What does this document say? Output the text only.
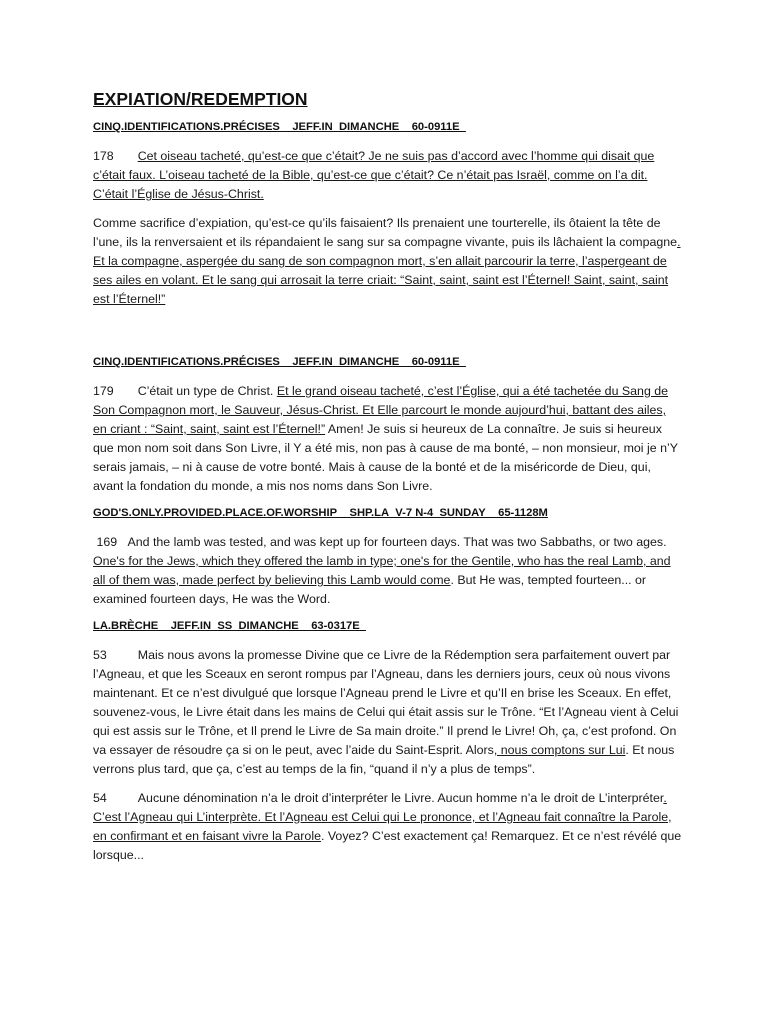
EXPIATION/REDEMPTION
CINQ.IDENTIFICATIONS.PRÉCISES__JEFF.IN_DIMANCHE__60-0911E_

178 Cet oiseau tacheté, qu’est-ce que c’était? Je ne suis pas d’accord avec l’homme qui disait que c’était faux. L’oiseau tacheté de la Bible, qu’est-ce que c’était? Ce n’était pas Israël, comme on l’a dit. C’était l’Église de Jésus-Christ.

Comme sacrifice d’expiation, qu’est-ce qu’ils faisaient? Ils prenaient une tourterelle, ils ôtaient la tête de l’une, ils la renversaient et ils répandaient le sang sur sa compagne vivante, puis ils lâchaient la compagne. Et la compagne, aspergée du sang de son compagnon mort, s’en allait parcourir la terre, l’aspergeant de ses ailes en volant. Et le sang qui arrosait la terre criait: “Saint, saint, saint est l’Éternel! Saint, saint, saint est l’Éternel!”

CINQ.IDENTIFICATIONS.PRÉCISES__JEFF.IN_DIMANCHE__60-0911E_

179 C’était un type de Christ. Et le grand oiseau tacheté, c’est l’Église, qui a été tachetée du Sang de Son Compagnon mort, le Sauveur, Jésus-Christ. Et Elle parcourt le monde aujourd’hui, battant des ailes, en criant : “Saint, saint, saint est l’Éternel!” Amen! Je suis si heureux de La connaître. Je suis si heureux que mon nom soit dans Son Livre, il Y a été mis, non pas à cause de ma bonté, – non monsieur, moi je n’Y serais jamais, – ni à cause de votre bonté. Mais à cause de la bonté et de la miséricorde de Dieu, qui, avant la fondation du monde, a mis nos noms dans Son Livre.

GOD'S.ONLY.PROVIDED.PLACE.OF.WORSHIP__SHP.LA_V-7 N-4_SUNDAY__65-1128M

169 And the lamb was tested, and was kept up for fourteen days. That was two Sabbaths, or two ages. One's for the Jews, which they offered the lamb in type; one's for the Gentile, who has the real Lamb, and all of them was, made perfect by believing this Lamb would come. But He was, tempted fourteen... or examined fourteen days, He was the Word.

LA.BRÈCHE__JEFF.IN_SS_DIMANCHE__63-0317E_

53	Mais nous avons la promesse Divine que ce Livre de la Rédemption sera parfaitement ouvert par l’Agneau, et que les Sceaux en seront rompus par l’Agneau, dans les derniers jours, ceux où nous vivons maintenant. Et ce n’est divulgué que lorsque l’Agneau prend le Livre et qu’Il en brise les Sceaux. En effet, souvenez-vous, le Livre était dans les mains de Celui qui était assis sur le Trône. “Et l’Agneau vient à Celui qui est assis sur le Trône, et Il prend le Livre de Sa main droite.” Il prend le Livre! Oh, ça, c’est profond. On va essayer de résoudre ça si on le peut, avec l’aide du Saint-Esprit. Alors, nous comptons sur Lui. Et nous verrons plus tard, que ça, c’est au temps de la fin, “quand il n’y a plus de temps”.

54	Aucune dénomination n’a le droit d’interpréter le Livre. Aucun homme n’a le droit de L’interpréter. C’est l’Agneau qui L’interprète. Et l’Agneau est Celui qui Le prononce, et l’Agneau fait connaître la Parole, en confirmant et en faisant vivre la Parole. Voyez? C’est exactement ça! Remarquez. Et ce n’est révélé que lorsque...
